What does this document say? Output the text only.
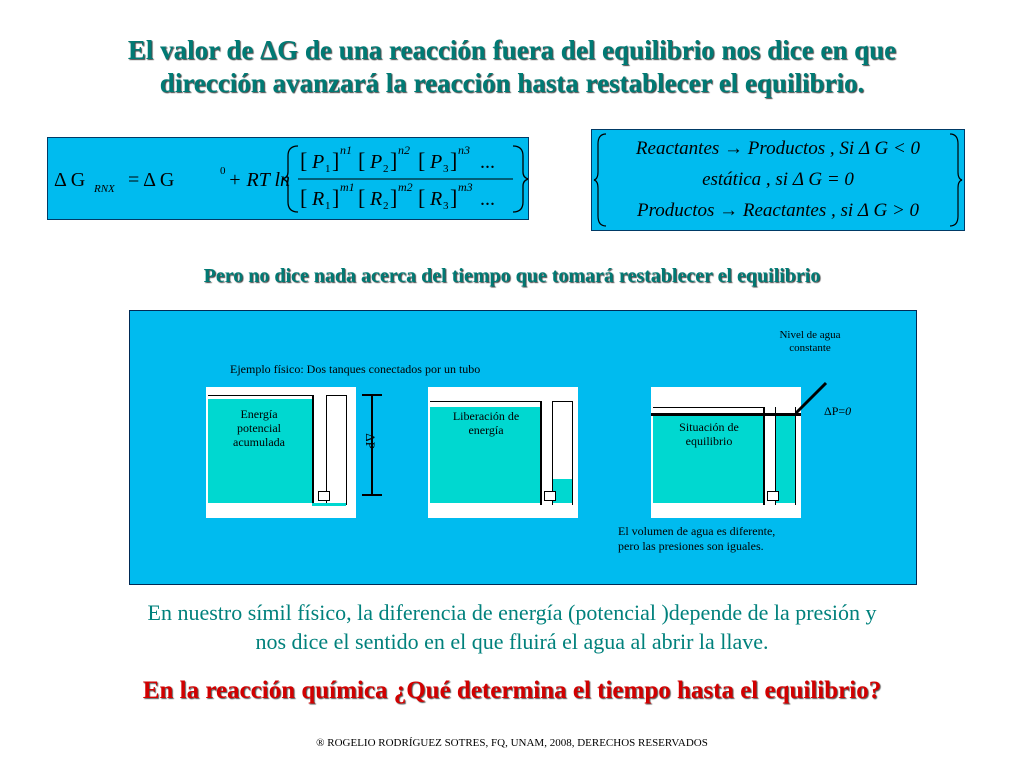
El valor de ΔG de una reacción fuera del equilibrio nos dice en que
dirección avanzará la reacción hasta restablecer el equilibrio.
Δ G RNX = Δ G	0 + RT ln
[ P 1 ] n1 [ P 2 ] n2 [ P 3 ] n3
...
[ R 1 ] m1 [ R 2 ] m2 [ R 3 ] m3
...
Reactantes → Productos , Si Δ G < 0
estática , si Δ G = 0
Productos → Reactantes , si Δ G > 0
Pero no dice nada acerca del tiempo que tomará restablecer el equilibrio
Ejemplo físico: Dos tanques conectados por un tubo
Nivel de agua
constante
Energía
potencial
acumulada	ΔP
Liberación de
energía	Situación de
equilibrio
ΔP=0
El volumen de agua es diferente,
pero las presiones son iguales.
En nuestro símil físico, la diferencia de energía (potencial )depende de la presión y
nos dice el sentido en el que fluirá el agua al abrir la llave.
En la reacción química ¿Qué determina el tiempo hasta el equilibrio?
® ROGELIO RODRÍGUEZ SOTRES, FQ, UNAM, 2008, DERECHOS RESERVADOS
